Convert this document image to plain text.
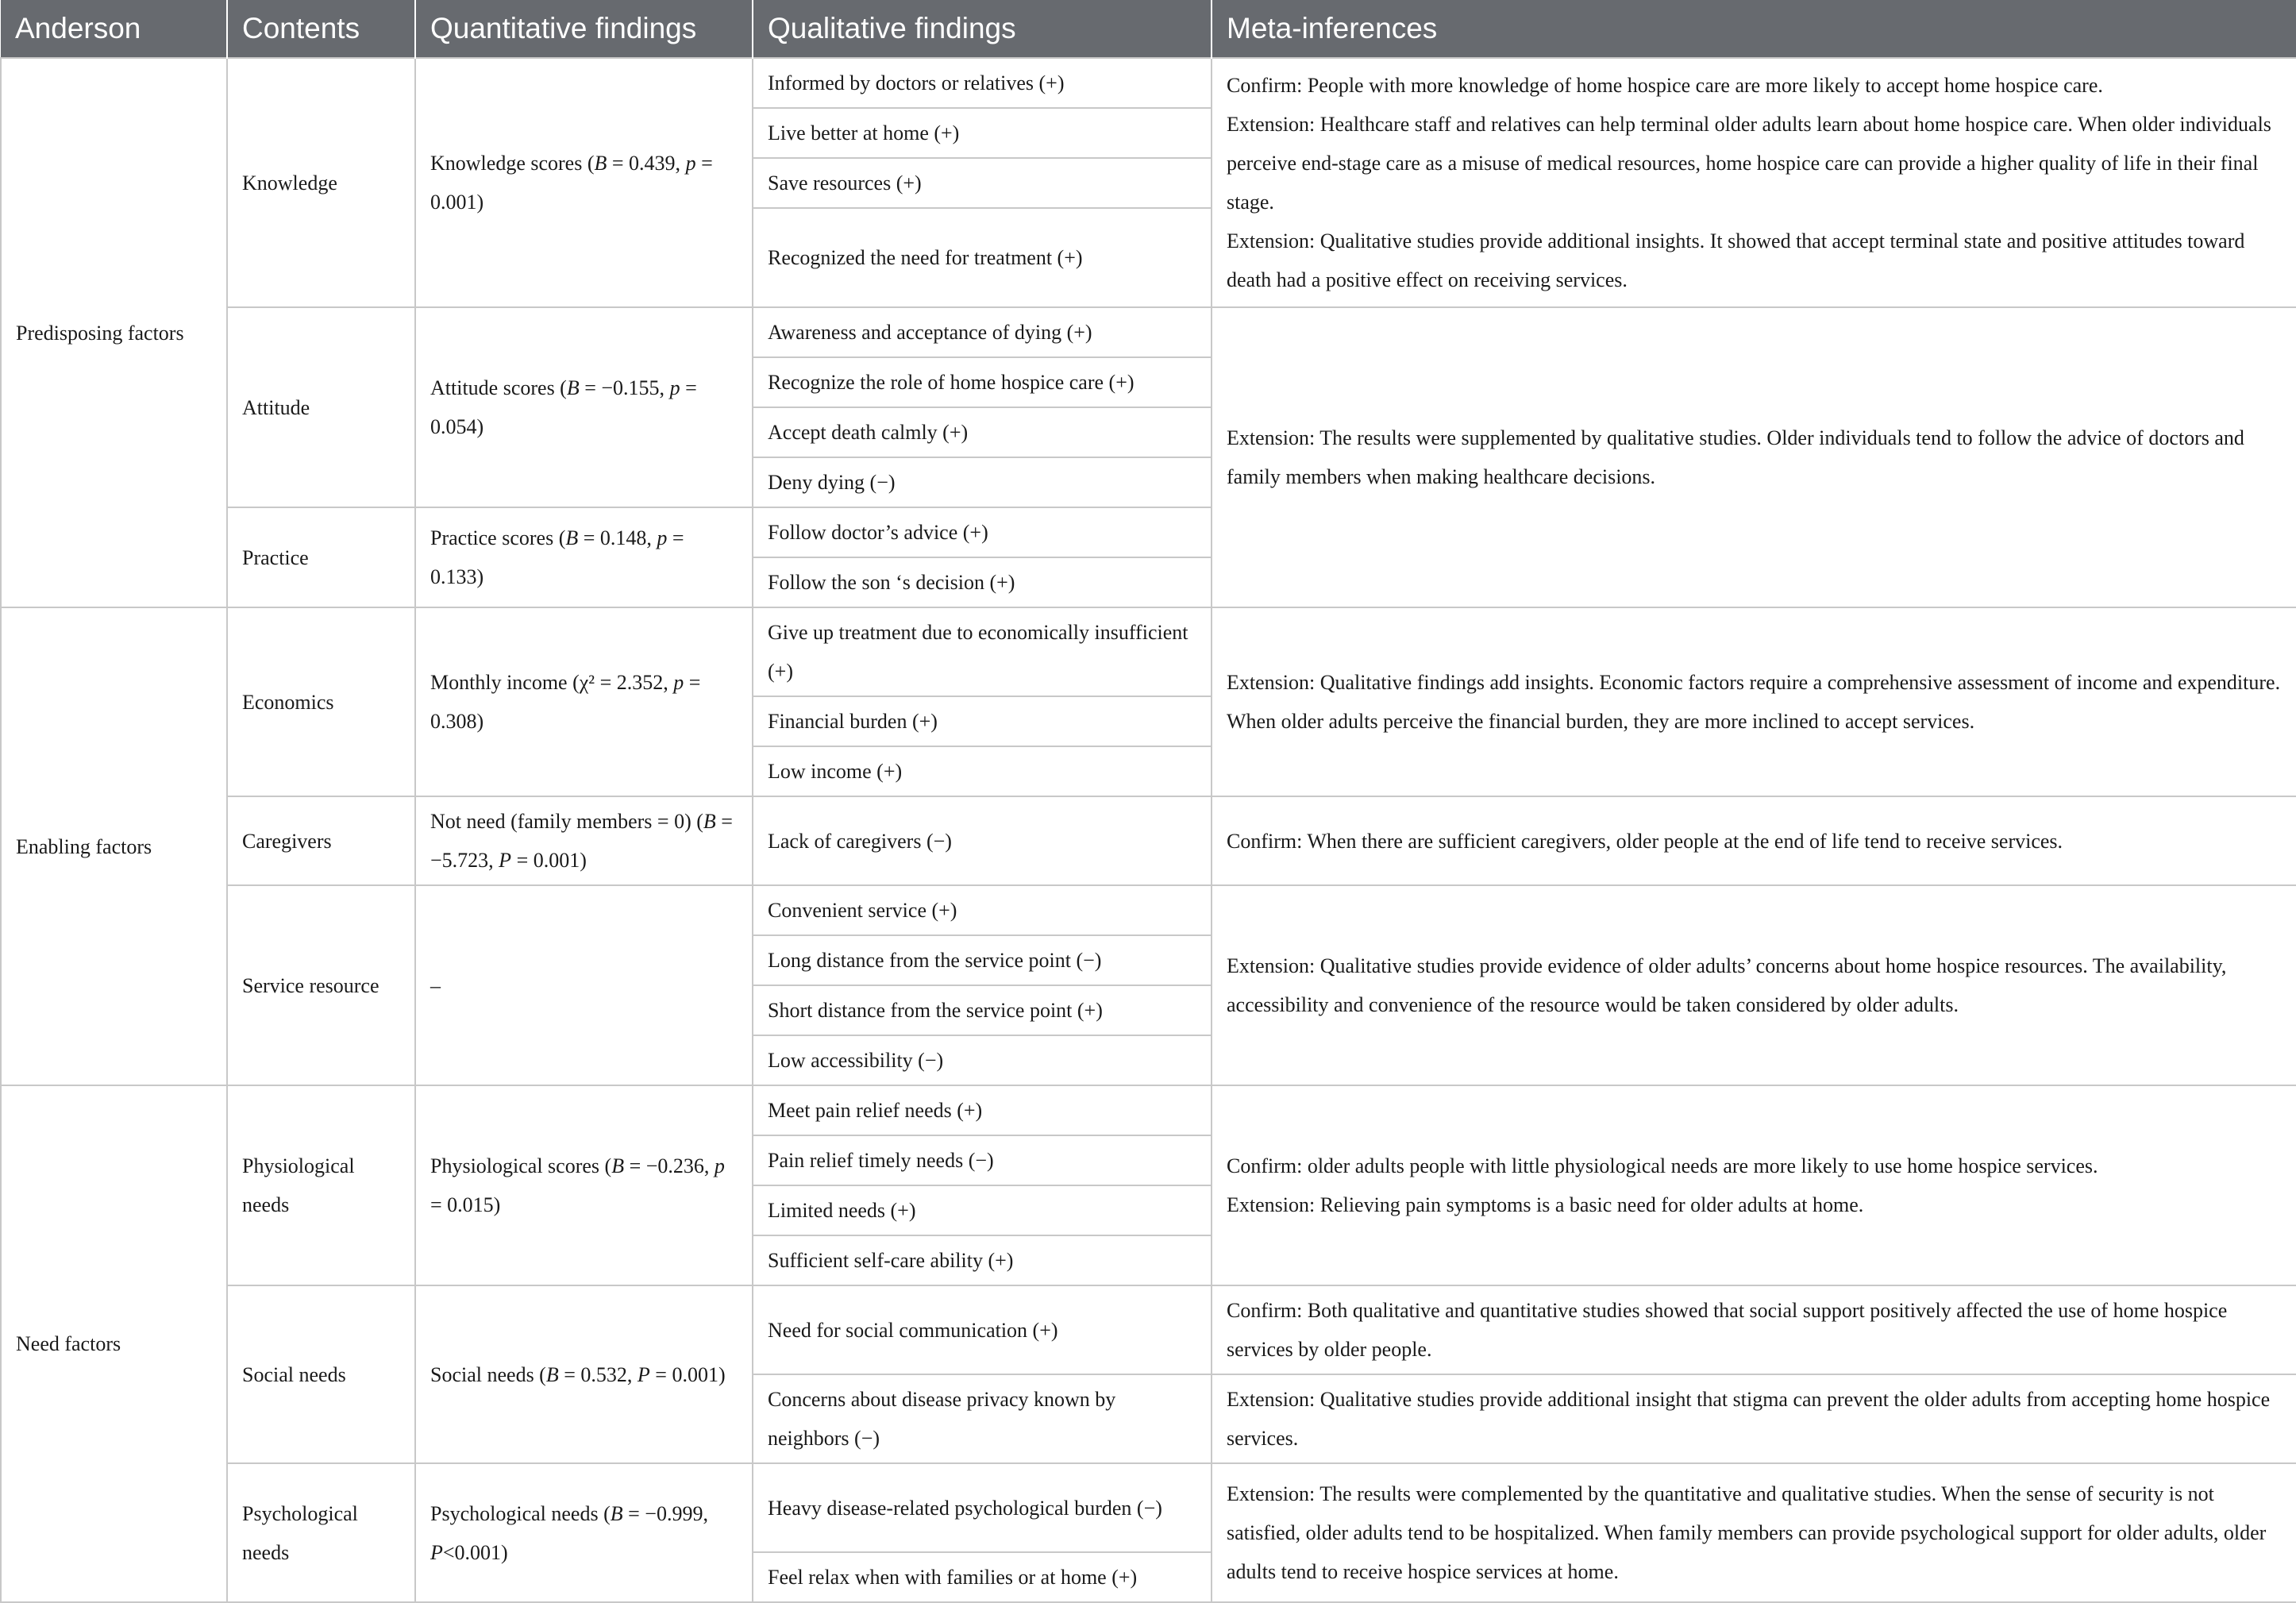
Anderson	Contents	Quantitative findings	Qualitative findings	Meta-inferences
Predisposing factors	Knowledge	Knowledge scores (B = 0.439, p = 0.001)	Informed by doctors or relatives (+)	Confirm: People with more knowledge of home hospice care are more likely to accept home hospice care.
Extension: Healthcare staff and relatives can help terminal older adults learn about home hospice care. When older individuals perceive end-stage care as a misuse of medical resources, home hospice care can provide a higher quality of life in their final stage.
Extension: Qualitative studies provide additional insights. It showed that accept terminal state and positive attitudes toward death had a positive effect on receiving services.

			Live better at home (+)	
			Save resources (+)	
			Recognized the need for treatment (+)	
	Attitude	Attitude scores (B = −0.155, p = 0.054)	Awareness and acceptance of dying (+)	Extension: The results were supplemented by qualitative studies. Older individuals tend to follow the advice of doctors and family members when making healthcare decisions.
			Recognize the role of home hospice care (+)	
			Accept death calmly (+)	
			Deny dying (−)	
	Practice	Practice scores (B = 0.148, p = 0.133)	Follow doctor’s advice (+)	
			Follow the son ‘s decision (+)	

Enabling factors	Economics	Monthly income (χ² = 2.352, p = 0.308)	Give up treatment due to economically insufficient (+)	Extension: Qualitative findings add insights. Economic factors require a comprehensive assessment of income and expenditure. When older adults perceive the financial burden, they are more inclined to accept services.
			Financial burden (+)	
			Low income (+)	
	Caregivers	Not need (family members = 0) (B = −5.723, P = 0.001)	Lack of caregivers (−)	Confirm: When there are sufficient caregivers, older people at the end of life tend to receive services.
	Service resource	–	Convenient service (+)	Extension: Qualitative studies provide evidence of older adults’ concerns about home hospice resources. The availability, accessibility and convenience of the resource would be taken considered by older adults.
			Long distance from the service point (−)	
			Short distance from the service point (+)	
			Low accessibility (−)	
Need factors	Physiological needs	Physiological scores (B = −0.236, p = 0.015)	Meet pain relief needs (+)	Confirm: older adults people with little physiological needs are more likely to use home hospice services.
Extension: Relieving pain symptoms is a basic need for older adults at home.

			Pain relief timely needs (−)	
			Limited needs (+)	
			Sufficient self-care ability (+)	
	Social needs	Social needs (B = 0.532, P = 0.001)	Need for social communication (+)	Confirm: Both qualitative and quantitative studies showed that social support positively affected the use of home hospice services by older people.
			Concerns about disease privacy known by neighbors (−)	Extension: Qualitative studies provide additional insight that stigma can prevent the older adults from accepting home hospice services.
	Psychological needs	Psychological needs (B = −0.999, P<0.001)	Heavy disease-related psychological burden (−)	Extension: The results were complemented by the quantitative and qualitative studies. When the sense of security is not satisfied, older adults tend to be hospitalized. When family members can provide psychological support for older adults, older adults tend to receive hospice services at home.
			Feel relax when with families or at home (+)	
